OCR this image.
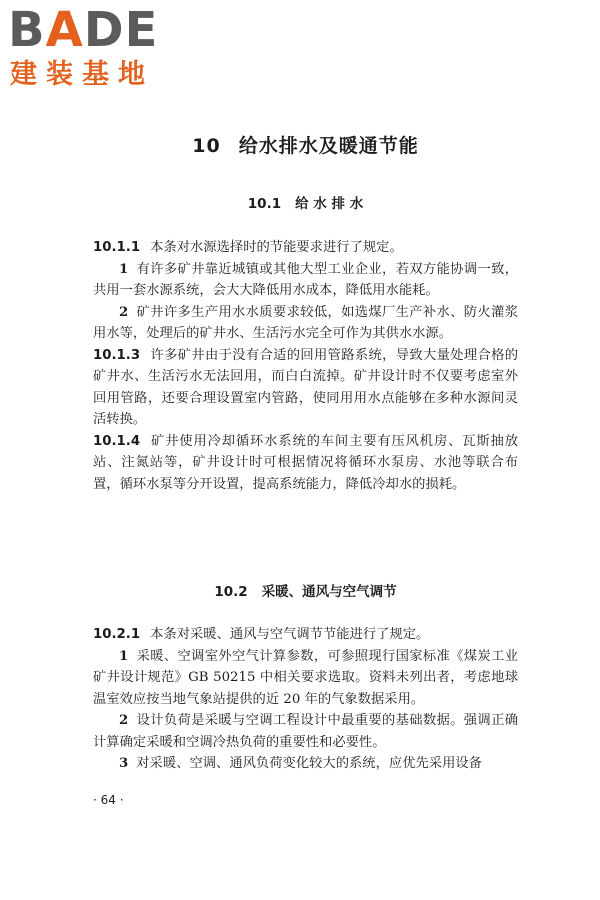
BADE
建装基地
10 给水排水及暖通节能
10.1 给 水 排 水

10.1.1 本条对水源选择时的节能要求进行了规定。

1 有许多矿井靠近城镇或其他大型工业企业，若双方能协调一致，共用一套水源系统，会大大降低用水成本，降低用水能耗。

2 矿井许多生产用水水质要求较低，如选煤厂生产补水、防火灌浆用水等，处理后的矿井水、生活污水完全可作为其供水水源。

10.1.3 许多矿井由于没有合适的回用管路系统，导致大量处理合格的矿井水、生活污水无法回用，而白白流掉。矿井设计时不仅要考虑室外回用管路，还要合理设置室内管路，使同用用水点能够在多种水源间灵活转换。

10.1.4 矿井使用冷却循环水系统的车间主要有压风机房、瓦斯抽放站、注氮站等，矿井设计时可根据情况将循环水泵房、水池等联合布置，循环水泵等分开设置，提高系统能力，降低冷却水的损耗。

10.2 采暖、通风与空气调节

10.2.1 本条对采暖、通风与空气调节节能进行了规定。

1 采暖、空调室外空气计算参数，可参照现行国家标准《煤炭工业矿井设计规范》GB 50215 中相关要求选取。资料未列出者，考虑地球温室效应按当地气象站提供的近 20 年的气象数据采用。

2 设计负荷是采暖与空调工程设计中最重要的基础数据。强调正确计算确定采暖和空调冷热负荷的重要性和必要性。

3 对采暖、空调、通风负荷变化较大的系统，应优先采用设备

· 64 ·
